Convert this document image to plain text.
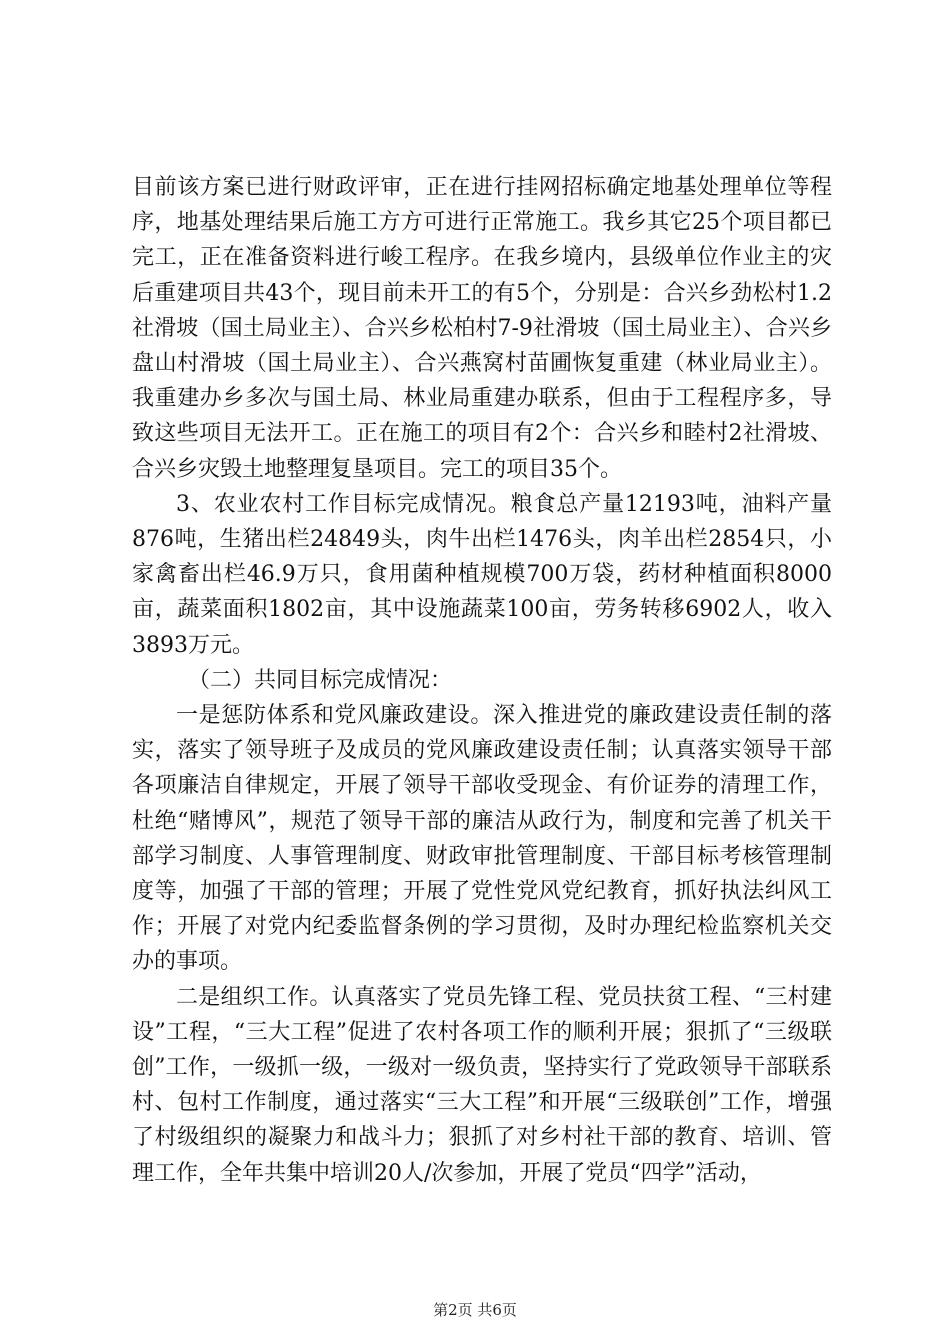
目前该方案已进行财政评审，正在进行挂网招标确定地基处理单位等程序，地基处理结果后施工方方可进行正常施工。我乡其它25个项目都已完工，正在准备资料进行峻工程序。在我乡境内，县级单位作业主的灾后重建项目共43个，现目前未开工的有5个，分别是：合兴乡劲松村1.2社滑坡（国土局业主）、合兴乡松柏村7-9社滑坡（国土局业主）、合兴乡盘山村滑坡（国土局业主）、合兴燕窝村苗圃恢复重建（林业局业主）。我重建办乡多次与国土局、林业局重建办联系，但由于工程程序多，导致这些项目无法开工。正在施工的项目有2个：合兴乡和睦村2社滑坡、合兴乡灾毁土地整理复垦项目。完工的项目35个。

3、农业农村工作目标完成情况。粮食总产量12193吨，油料产量876吨，生猪出栏24849头，肉牛出栏1476头，肉羊出栏2854只，小家禽畜出栏46.9万只，食用菌种植规模700万袋，药材种植面积8000亩，蔬菜面积1802亩，其中设施蔬菜100亩，劳务转移6902人，收入3893万元。

（二）共同目标完成情况：

一是惩防体系和党风廉政建设。深入推进党的廉政建设责任制的落实，落实了领导班子及成员的党风廉政建设责任制；认真落实领导干部各项廉洁自律规定，开展了领导干部收受现金、有价证券的清理工作，杜绝“赌博风”，规范了领导干部的廉洁从政行为，制度和完善了机关干部学习制度、人事管理制度、财政审批管理制度、干部目标考核管理制度等，加强了干部的管理；开展了党性党风党纪教育，抓好执法纠风工作；开展了对党内纪委监督条例的学习贯彻，及时办理纪检监察机关交办的事项。

二是组织工作。认真落实了党员先锋工程、党员扶贫工程、“三村建设”工程，“三大工程”促进了农村各项工作的顺利开展；狠抓了“三级联创”工作，一级抓一级，一级对一级负责，坚持实行了党政领导干部联系村、包村工作制度，通过落实“三大工程”和开展“三级联创”工作，增强了村级组织的凝聚力和战斗力；狠抓了对乡村社干部的教育、培训、管理工作，全年共集中培训20人/次参加，开展了党员“四学”活动，

第2页 共6页
